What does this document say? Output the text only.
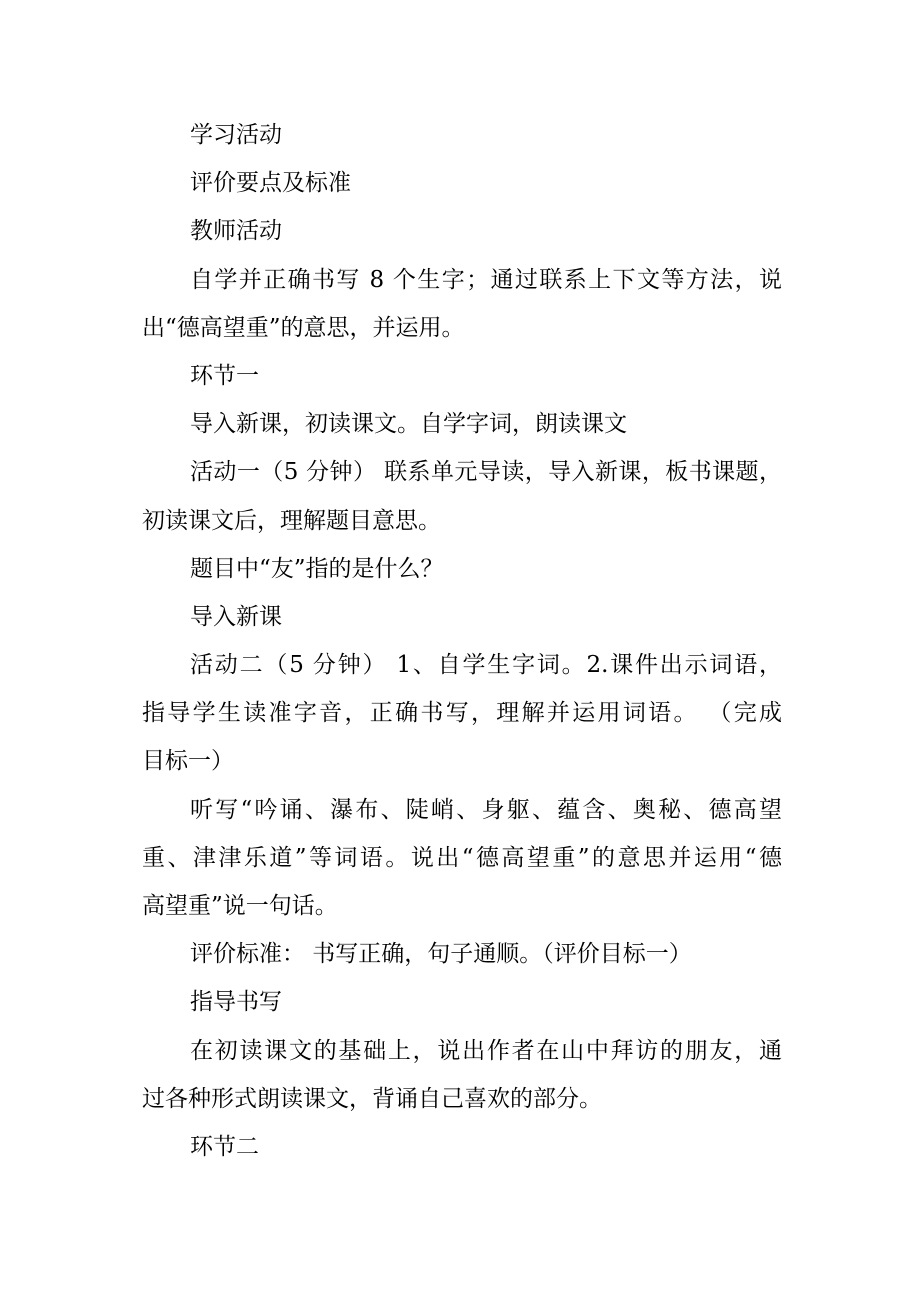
学习活动
评价要点及标准
教师活动
自学并正确书写 8 个生字；通过联系上下文等方法，说
出“德高望重”的意思，并运用。
环节一
导入新课，初读课文。自学字词，朗读课文
活动一（5 分钟） 联系单元导读，导入新课，板书课题，
初读课文后，理解题目意思。
题目中“友”指的是什么？
导入新课
活动二（5 分钟） 1、自学生字词。2.课件出示词语，
指导学生读准字音，正确书写，理解并运用词语。 （完成
目标一）
听写“吟诵、瀑布、陡峭、身躯、蕴含、奥秘、德高望
重、津津乐道”等词语。说出“德高望重”的意思并运用“德
高望重”说一句话。
评价标准： 书写正确，句子通顺。（评价目标一）
指导书写
在初读课文的基础上，说出作者在山中拜访的朋友，通
过各种形式朗读课文，背诵自己喜欢的部分。
环节二
